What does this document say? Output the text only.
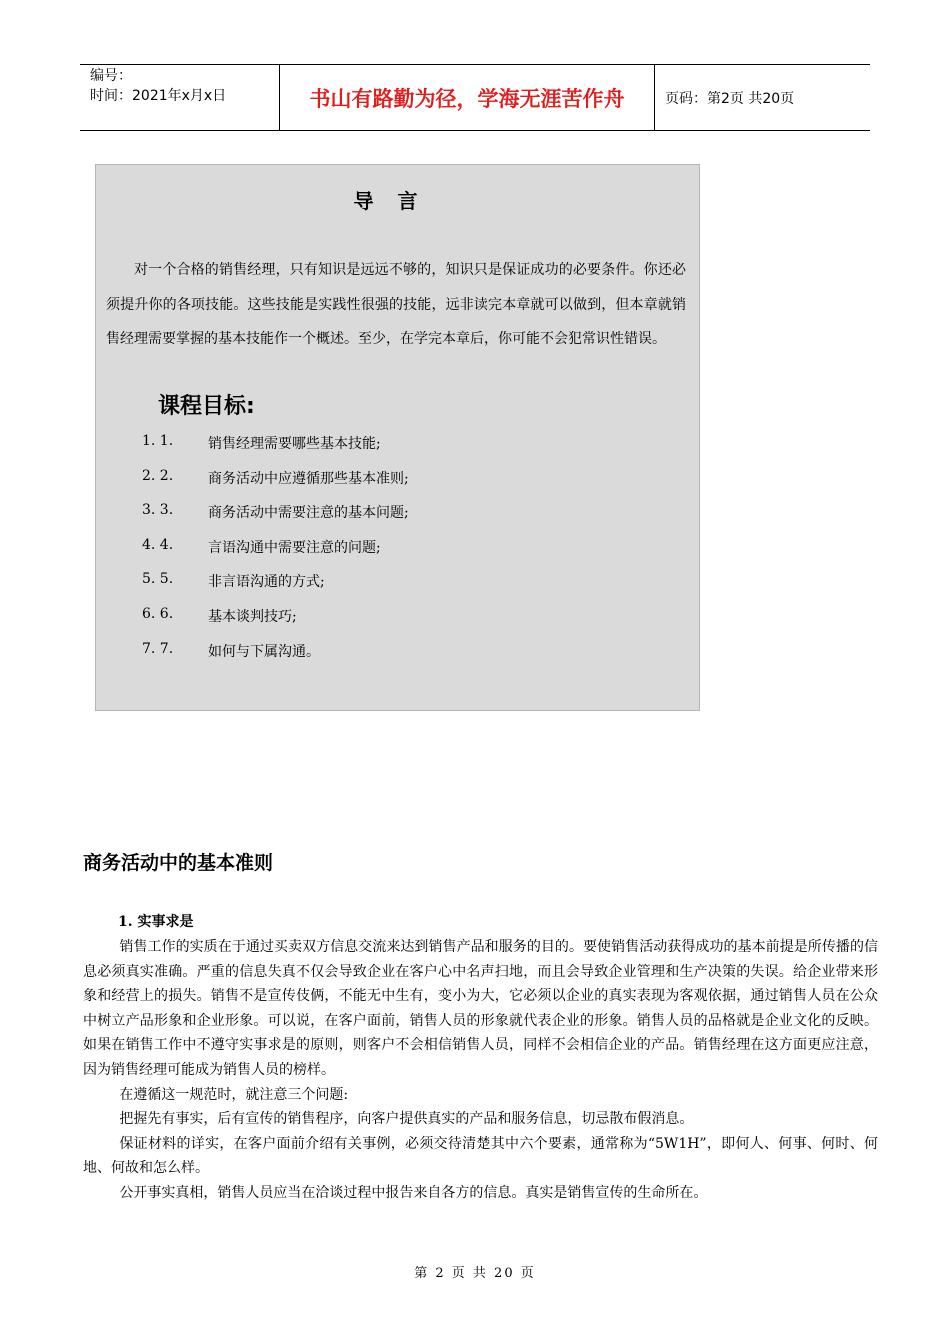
编号：
时间：2021年x月x日	书山有路勤为径，学海无涯苦作舟	页码：第2页 共20页
导言
对一个合格的销售经理，只有知识是远远不够的，知识只是保证成功的必要条件。你还必须提升你的各项技能。这些技能是实践性很强的技能，远非读完本章就可以做到，但本章就销售经理需要掌握的基本技能作一个概述。至少，在学完本章后，你可能不会犯常识性错误。
课程目标:
1. 1.	销售经理需要哪些基本技能;
2. 2.	商务活动中应遵循那些基本准则;
3. 3.	商务活动中需要注意的基本问题;
4. 4.	言语沟通中需要注意的问题;
5. 5.	非言语沟通的方式;
6. 6.	基本谈判技巧;
7. 7.	如何与下属沟通。
商务活动中的基本准则
1. 实事求是

销售工作的实质在于通过买卖双方信息交流来达到销售产品和服务的目的。要使销售活动获得成功的基本前提是所传播的信息必须真实准确。严重的信息失真不仅会导致企业在客户心中名声扫地，而且会导致企业管理和生产决策的失误。给企业带来形象和经营上的损失。销售不是宣传伎俩，不能无中生有，变小为大，它必须以企业的真实表现为客观依据，通过销售人员在公众中树立产品形象和企业形象。可以说，在客户面前，销售人员的形象就代表企业的形象。销售人员的品格就是企业文化的反映。如果在销售工作中不遵守实事求是的原则，则客户不会相信销售人员，同样不会相信企业的产品。销售经理在这方面更应注意，因为销售经理可能成为销售人员的榜样。

在遵循这一规范时，就注意三个问题:

把握先有事实，后有宣传的销售程序，向客户提供真实的产品和服务信息，切忌散布假消息。

保证材料的详实，在客户面前介绍有关事例，必须交待清楚其中六个要素，通常称为“5W1H”，即何人、何事、何时、何地、何故和怎么样。

公开事实真相，销售人员应当在洽谈过程中报告来自各方的信息。真实是销售宣传的生命所在。

第 2 页 共 20 页
